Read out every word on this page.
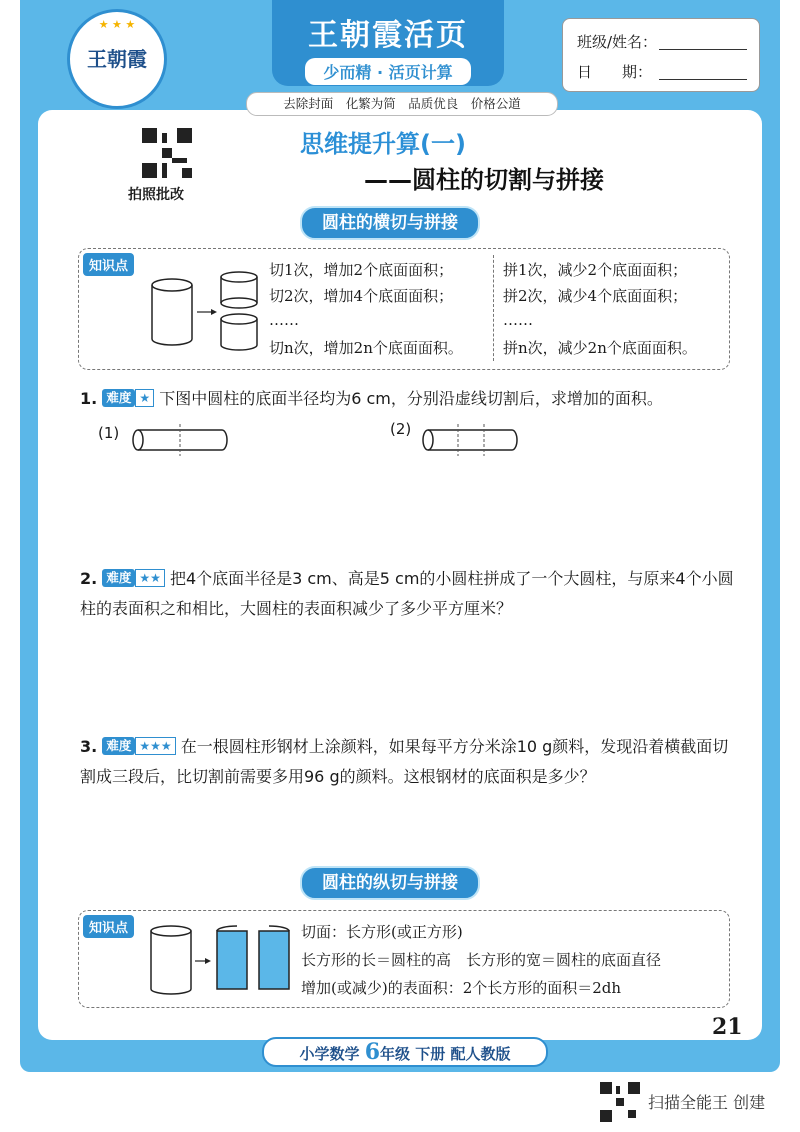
★ ★ ★
王朝霞
王朝霞活页
少而精 · 活页计算
班级/姓名：
日　　期：
去除封面　化繁为简　品质优良　价格公道
拍照批改
思维提升算(一)
——圆柱的切割与拼接
圆柱的横切与拼接
知识点	切1次，增加2个底面面积；
切2次，增加4个底面面积；
……
切n次，增加2n个底面面积。
拼1次，减少2个底面面积；
拼2次，减少4个底面面积；
……
拼n次，减少2n个底面面积。
1. 难度 ★ 下图中圆柱的底面半径均为6 cm，分别沿虚线切割后，求增加的面积。
(1)	(2)
2. 难度 ★★ 把4个底面半径是3 cm、高是5 cm的小圆柱拼成了一个大圆柱，与原来4个小圆柱的表面积之和相比，大圆柱的表面积减少了多少平方厘米？
3. 难度 ★★★ 在一根圆柱形钢材上涂颜料，如果每平方分米涂10 g颜料，发现沿着横截面切割成三段后，比切割前需要多用96 g的颜料。这根钢材的底面积是多少？
圆柱的纵切与拼接
知识点	切面：长方形(或正方形)
长方形的长＝圆柱的高　长方形的宽＝圆柱的底面直径
增加(或减少)的表面积：2个长方形的面积＝2dh
21
小学数学 6年级 下册 配人教版
扫描全能王 创建
